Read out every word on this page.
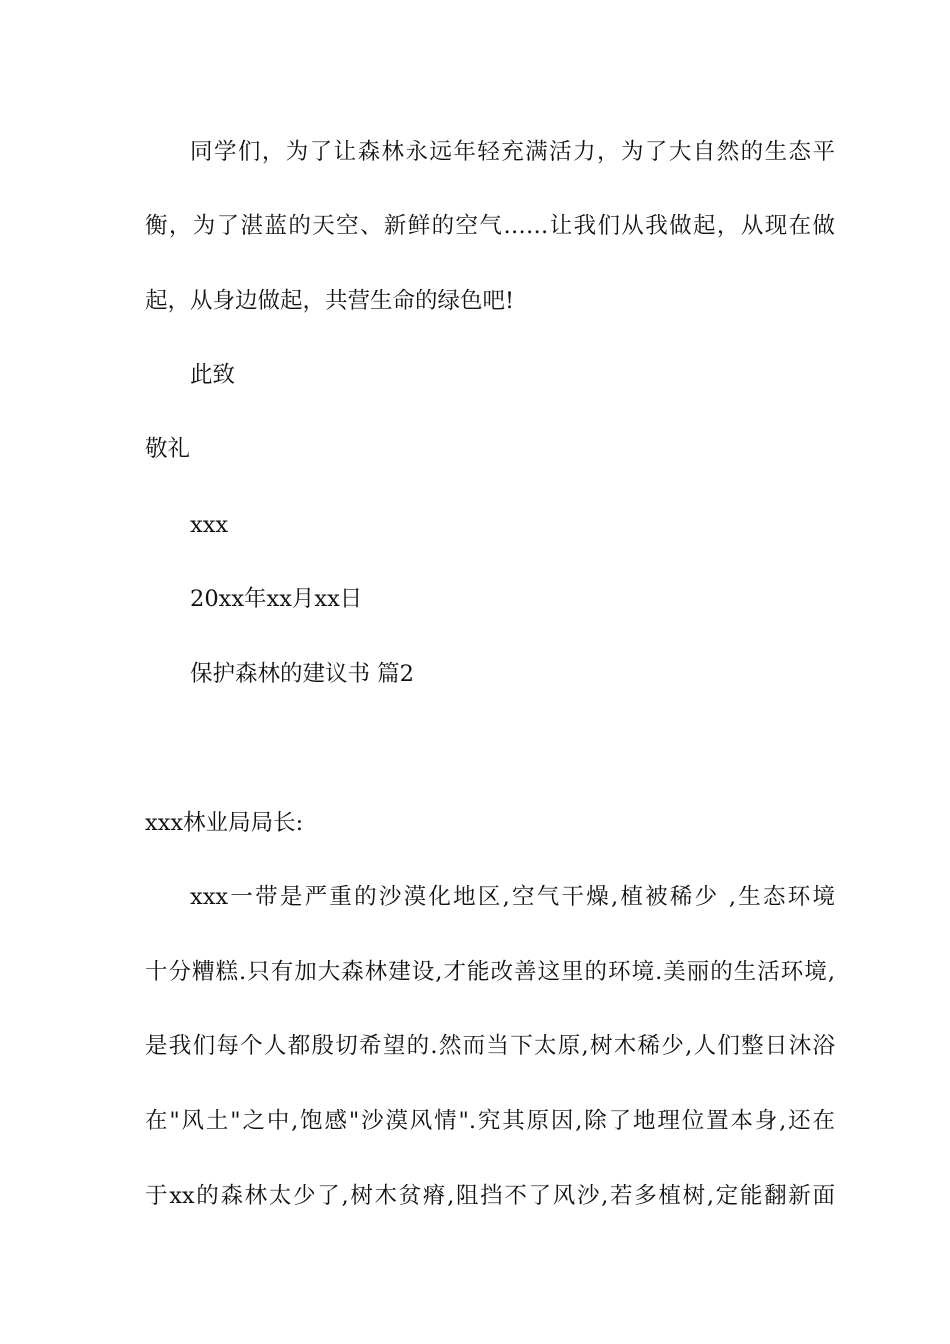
同学们，为了让森林永远年轻充满活力，为了大自然的生态平
衡，为了湛蓝的天空、新鲜的空气……让我们从我做起，从现在做
起，从身边做起，共营生命的绿色吧!
此致
敬礼
xxx
20xx年xx月xx日
保护森林的建议书 篇2
xxx林业局局长:
xxx一带是严重的沙漠化地区,空气干燥,植被稀少 ,生态环境
十分糟糕.只有加大森林建设,才能改善这里的环境.美丽的生活环境,
是我们每个人都殷切希望的.然而当下太原,树木稀少,人们整日沐浴
在"风土"之中,饱感"沙漠风情".究其原因,除了地理位置本身,还在
于xx的森林太少了,树木贫瘠,阻挡不了风沙,若多植树,定能翻新面
